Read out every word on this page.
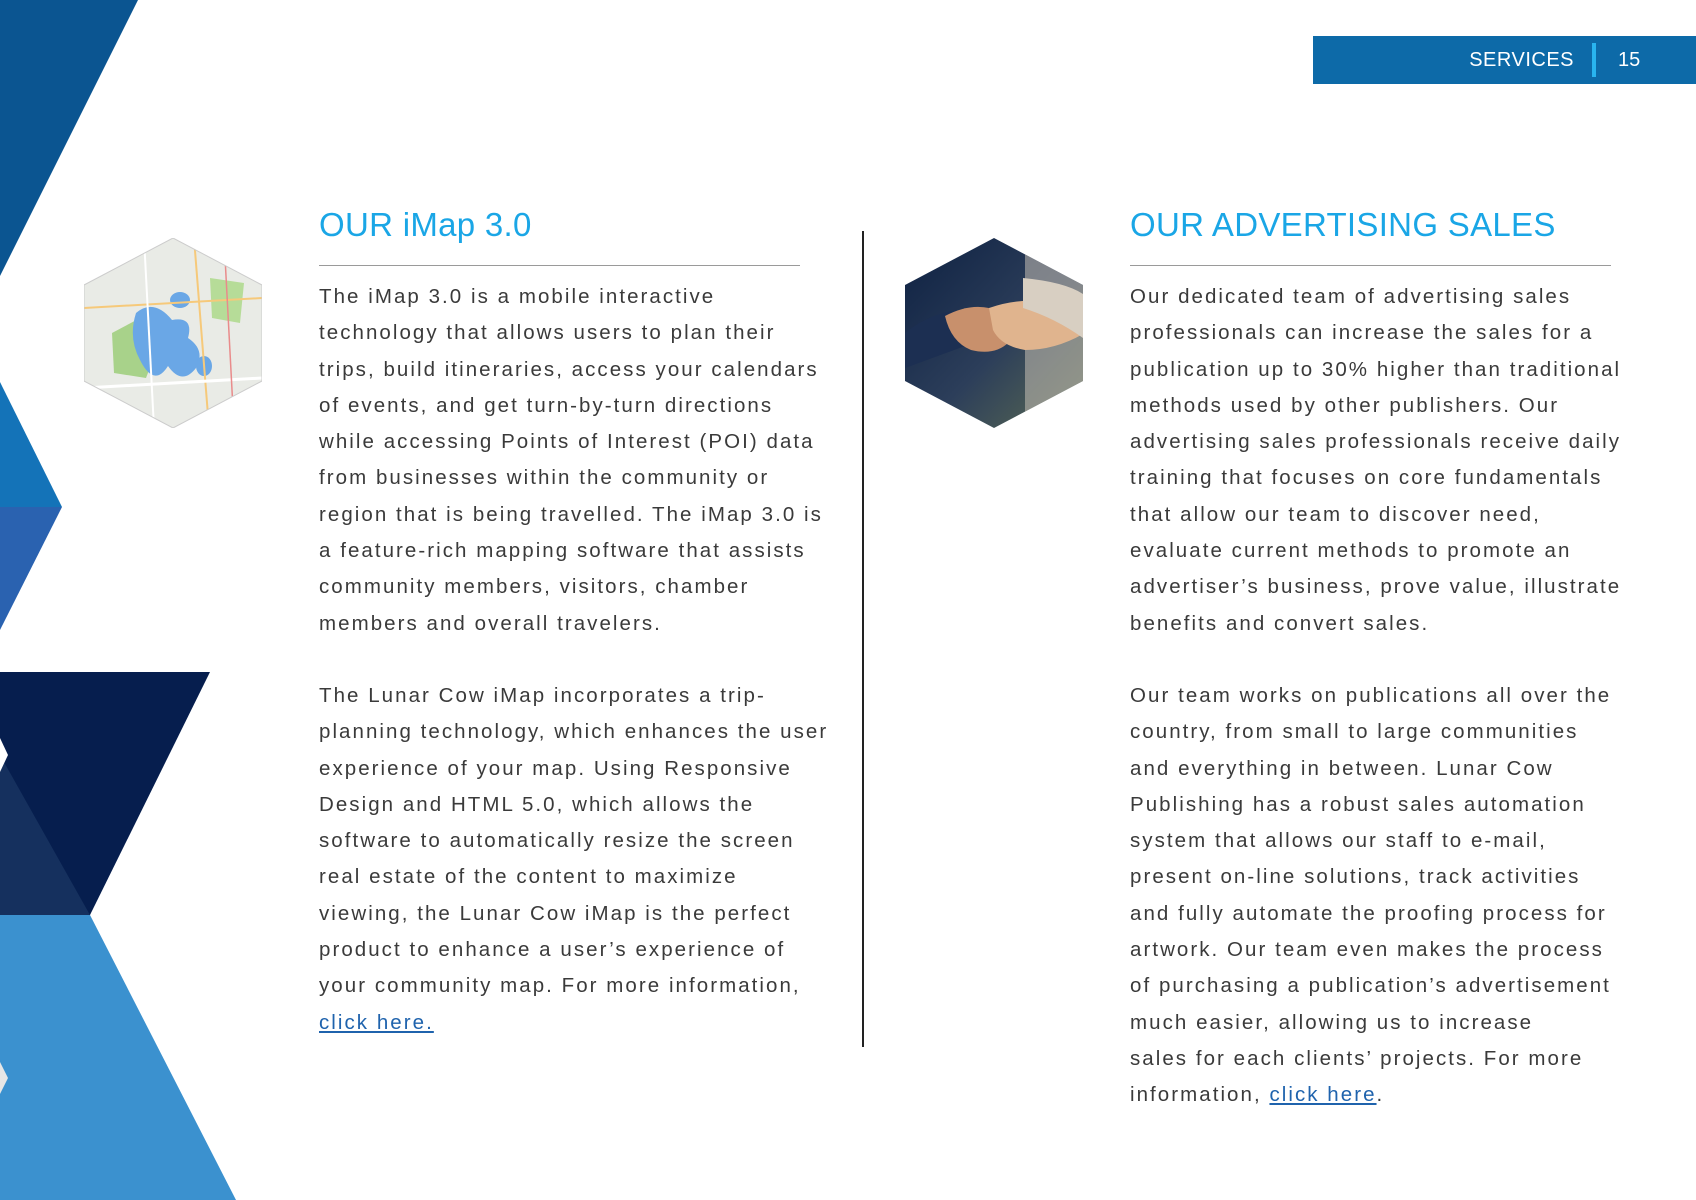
SERVICES 15
OUR iMap 3.0

The iMap 3.0 is a mobile interactive
technology that allows users to plan their
trips, build itineraries, access your calendars
of events, and get turn-by-turn directions
while accessing Points of Interest (POI) data
from businesses within the community or
region that is being travelled. The iMap 3.0 is
a feature-rich mapping software that assists
community members, visitors, chamber
members and overall travelers.

The Lunar Cow iMap incorporates a trip-
planning technology, which enhances the user
experience of your map. Using Responsive
Design and HTML 5.0, which allows the
software to automatically resize the screen
real estate of the content to maximize
viewing, the Lunar Cow iMap is the perfect
product to enhance a user’s experience of
your community map. For more information,
click here.

OUR ADVERTISING SALES

Our dedicated team of advertising sales
professionals can increase the sales for a
publication up to 30% higher than traditional
methods used by other publishers. Our
advertising sales professionals receive daily
training that focuses on core fundamentals
that allow our team to discover need,
evaluate current methods to promote an
advertiser’s business, prove value, illustrate
benefits and convert sales.

Our team works on publications all over the
country, from small to large communities
and everything in between. Lunar Cow
Publishing has a robust sales automation
system that allows our staff to e-mail,
present on-line solutions, track activities
and fully automate the proofing process for
artwork. Our team even makes the process
of purchasing a publication’s advertisement
much easier, allowing us to increase
sales for each clients’ projects. For more
information, click here.
